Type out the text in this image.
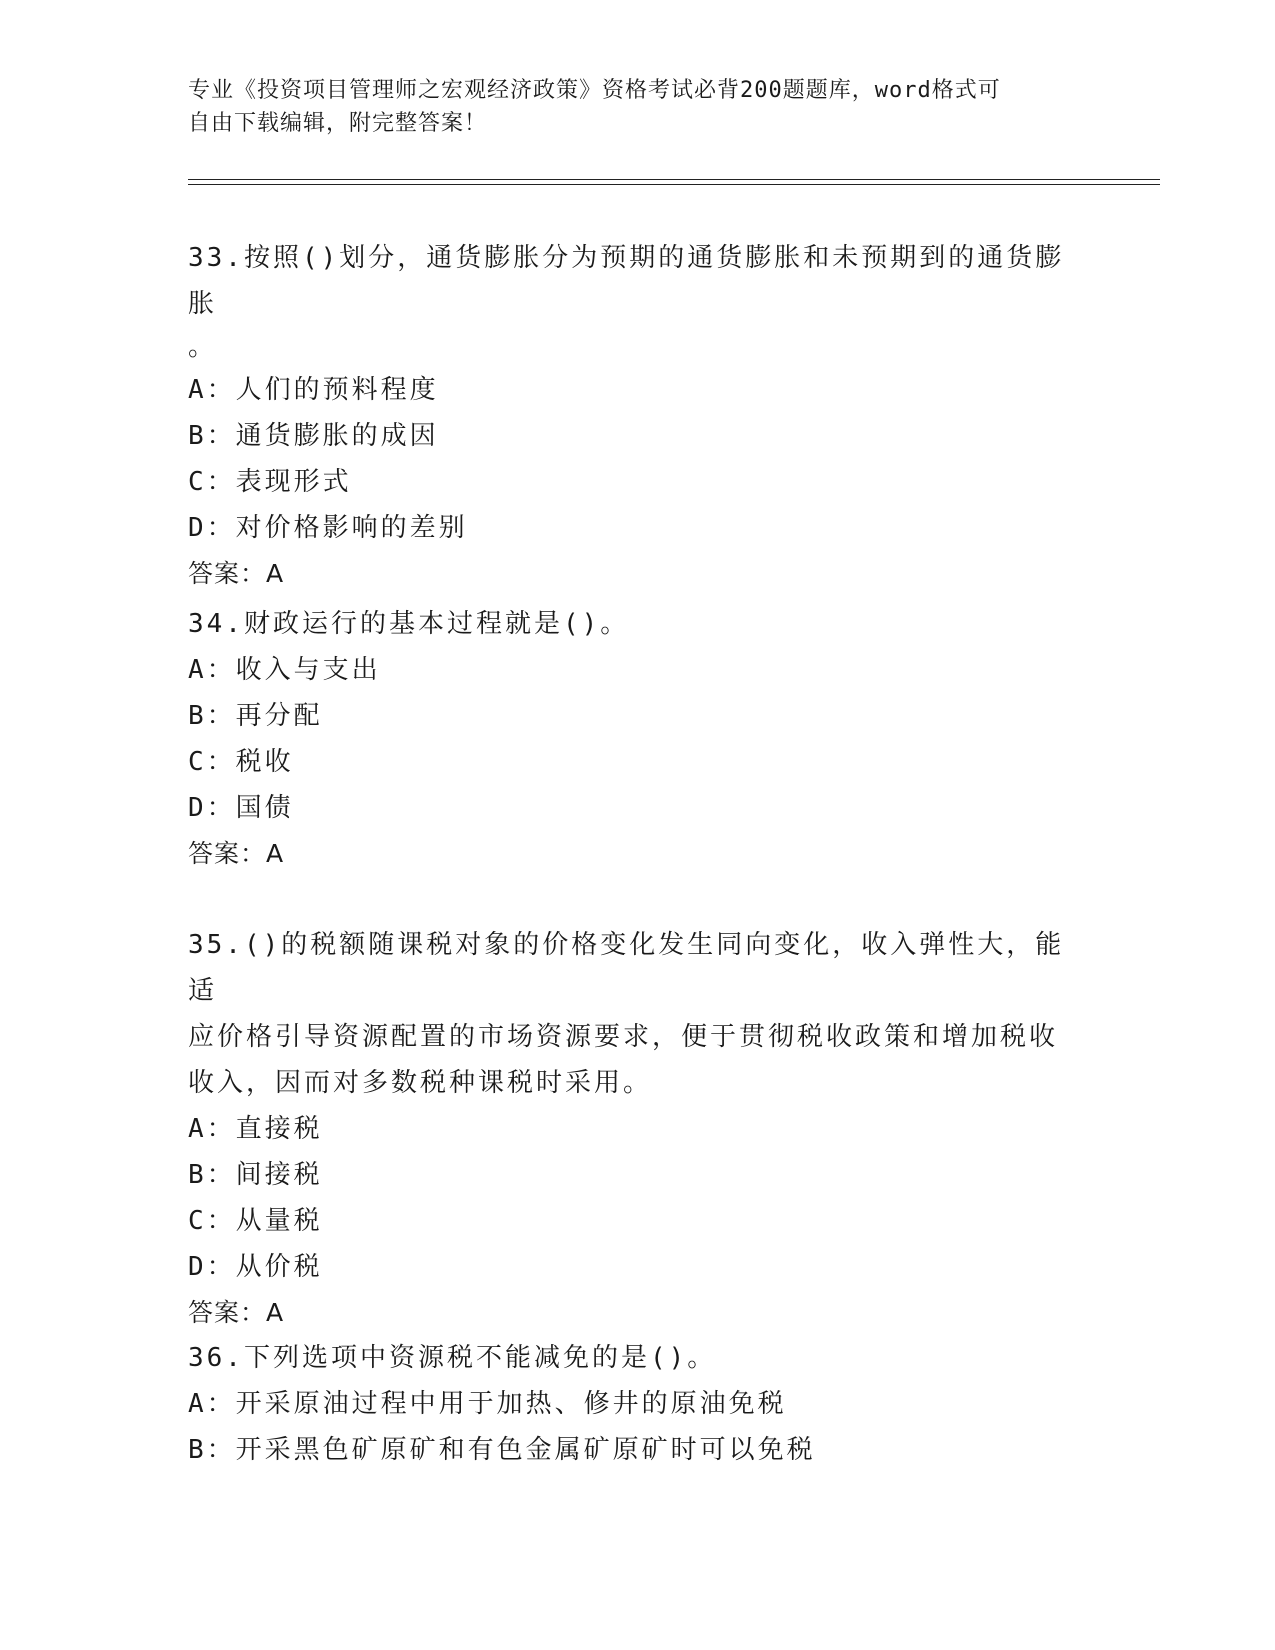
专业《投资项目管理师之宏观经济政策》资格考试必背200题题库，word格式可
自由下载编辑，附完整答案！

33.按照()划分，通货膨胀分为预期的通货膨胀和未预期到的通货膨胀

。

A：人们的预料程度

B：通货膨胀的成因

C：表现形式

D：对价格影响的差别

答案：A

34.财政运行的基本过程就是()。

A：收入与支出

B：再分配

C：税收

D：国债

答案：A

35.()的税额随课税对象的价格变化发生同向变化，收入弹性大，能适

应价格引导资源配置的市场资源要求，便于贯彻税收政策和增加税收

收入，因而对多数税种课税时采用。

A：直接税

B：间接税

C：从量税

D：从价税

答案：A

36.下列选项中资源税不能减免的是()。

A：开采原油过程中用于加热、修井的原油免税

B：开采黑色矿原矿和有色金属矿原矿时可以免税
